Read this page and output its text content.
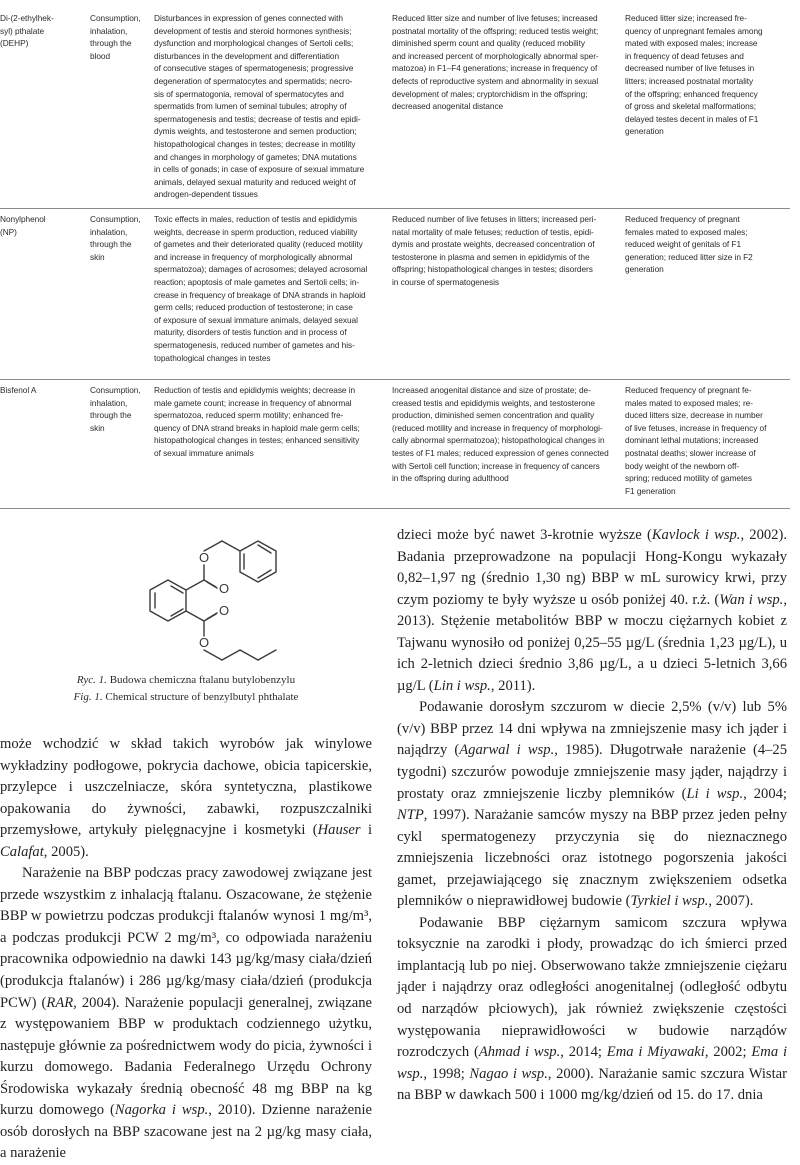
Di-(2-ethylhek-
syl) pthalate
(DEHP)
Consumption,
inhalation,
through the
blood
Disturbances in expression of genes connected with
development of testis and steroid hormones synthesis;
dysfunction and morphological changes of Sertoli cells;
disturbances in the development and differentiation
of consecutive stages of spermatogenesis; progressive
degeneration of spermatocytes and spermatids; necro-
sis of spermatogonia, removal of spermatocytes and
spermatids from lumen of seminal tubules; atrophy of
spermatogenesis and testis; decrease of testis and epidi-
dymis weights, and testosterone and semen production;
histopathological changes in testes; decrease in motility
and changes in morphology of gametes; DNA mutations
in cells of gonads; in case of exposure of sexual immature
animals, delayed sexual maturity and reduced weight of
androgen-dependent tissues
Reduced litter size and number of live fetuses; increased
postnatal mortality of the offspring; reduced testis weight;
diminished sperm count and quality (reduced mobility
and increased percent of morphologically abnormal sper-
matozoa) in F1–F4 generations; increase in frequency of
defects of reproductive system and abnormality in sexual
development of males; cryptorchidism in the offspring;
decreased anogenital distance
Reduced litter size; increased fre-
quency of unpregnant females among
mated with exposed males; increase
in frequency of dead fetuses and
decreased number of live fetuses in
litters; increased postnatal mortality
of the offspring; enhanced frequency
of gross and skeletal malformations;
delayed testes decent in males of F1
generation
Nonylphenol
(NP)
Consumption,
inhalation,
through the
skin
Toxic effects in males, reduction of testis and epididymis
weights, decrease in sperm production, reduced viability
of gametes and their deteriorated quality (reduced motility
and increase in frequency of morphologically abnormal
spermatozoa); damages of acrosomes; delayed acrosomal
reaction; apoptosis of male gametes and Sertoli cells; in-
crease in frequency of breakage of DNA strands in haploid
germ cells; reduced production of testosterone; in case
of exposure of sexual immature animals, delayed sexual
maturity, disorders of testis function and in process of
spermatogenesis, reduced number of gametes and his-
topathological changes in testes
Reduced number of live fetuses in litters; increased peri-
natal mortality of male fetuses; reduction of testis, epidi-
dymis and prostate weights, decreased concentration of
testosterone in plasma and semen in epididymis of the
offspring; histopathological changes in testes; disorders
in course of spermatogenesis
Reduced frequency of pregnant
females mated to exposed males;
reduced weight of genitals of F1
generation; reduced litter size in F2
generation
Bisfenol A	Consumption,
inhalation,
through the
skin
Reduction of testis and epididymis weights; decrease in
male gamete count; increase in frequency of abnormal
spermatozoa, reduced sperm motility; enhanced fre-
quency of DNA strand breaks in haploid male germ cells;
histopathological changes in testes; enhanced sensitivity
of sexual immature animals
Increased anogenital distance and size of prostate; de-
creased testis and epididymis weights, and testosterone
production, diminished semen concentration and quality
(reduced motility and increase in frequency of morphologi-
cally abnormal spermatozoa); histopathological changes in
testes of F1 males; reduced expression of genes connected
with Sertoli cell function; increase in frequency of cancers
in the offspring during adulthood
Reduced frequency of pregnant fe-
males mated to exposed males; re-
duced litters size, decrease in number
of live fetuses, increase in frequency of
dominant lethal mutations; increased
postnatal deaths; slower increase of
body weight of the newborn off-
spring; reduced motility of gametes
F1 generation
O
O
O
O
Ryc. 1. Budowa chemiczna ftalanu butylobenzylu
Fig. 1. Chemical structure of benzylbutyl phthalate

może wchodzić w skład takich wyrobów jak winylowe wykładziny podłogowe, pokrycia dachowe, obicia tapicerskie, przylepce i uszczelniacze, skóra syntetyczna, plastikowe opakowania do żywności, zabawki, rozpuszczalniki przemysłowe, artykuły pielęgnacyjne i kosmetyki (Hauser i Calafat, 2005).

Narażenie na BBP podczas pracy zawodowej związane jest przede wszystkim z inhalacją ftalanu. Oszacowane, że stężenie BBP w powietrzu podczas produkcji ftalanów wynosi 1 mg/m³, a podczas produkcji PCW 2 mg/m³, co odpowiada narażeniu pracownika odpowiednio na dawki 143 µg/kg/masy ciała/dzień (produkcja ftalanów) i 286 µg/kg/masy ciała/dzień (produkcja PCW) (RAR, 2004). Narażenie populacji generalnej, związane z występowaniem BBP w produktach codziennego użytku, następuje głównie za pośrednictwem wody do picia, żywności i kurzu domowego. Badania Federalnego Urzędu Ochrony Środowiska wykazały średnią obecność 48 mg BBP na kg kurzu domowego (Nagorka i wsp., 2010). Dzienne narażenie osób dorosłych na BBP szacowane jest na 2 µg/kg masy ciała, a narażenie

dzieci może być nawet 3-krotnie wyższe (Kavlock i wsp., 2002). Badania przeprowadzone na populacji Hong-Kongu wykazały 0,82–1,97 ng (średnio 1,30 ng) BBP w mL surowicy krwi, przy czym poziomy te były wyższe u osób poniżej 40. r.ż. (Wan i wsp., 2013). Stężenie metabolitów BBP w moczu ciężarnych kobiet z Tajwanu wynosiło od poniżej 0,25–55 µg/L (średnia 1,23 µg/L), u ich 2-letnich dzieci średnio 3,86 µg/L, a u dzieci 5-letnich 3,66 µg/L (Lin i wsp., 2011).

Podawanie dorosłym szczurom w diecie 2,5% (v/v) lub 5% (v/v) BBP przez 14 dni wpływa na zmniejszenie masy ich jąder i najądrzy (Agarwal i wsp., 1985). Długotrwałe narażenie (4–25 tygodni) szczurów powoduje zmniejszenie masy jąder, najądrzy i prostaty oraz zmniejszenie liczby plemników (Li i wsp., 2004; NTP, 1997). Narażanie samców myszy na BBP przez jeden pełny cykl spermatogenezy przyczynia się do nieznacznego zmniejszenia liczebności oraz istotnego pogorszenia jakości gamet, przejawiającego się znacznym zwiększeniem odsetka plemników o nieprawidłowej budowie (Tyrkiel i wsp., 2007).

Podawanie BBP ciężarnym samicom szczura wpływa toksycznie na zarodki i płody, prowadząc do ich śmierci przed implantacją lub po niej. Obserwowano także zmniejszenie ciężaru jąder i najądrzy oraz odległości anogenitalnej (odległość odbytu od narządów płciowych), jak również zwiększenie częstości występowania nieprawidłowości w budowie narządów rozrodczych (Ahmad i wsp., 2014; Ema i Miyawaki, 2002; Ema i wsp., 1998; Nagao i wsp., 2000). Narażanie samic szczura Wistar na BBP w dawkach 500 i 1000 mg/kg/dzień od 15. do 17. dnia
